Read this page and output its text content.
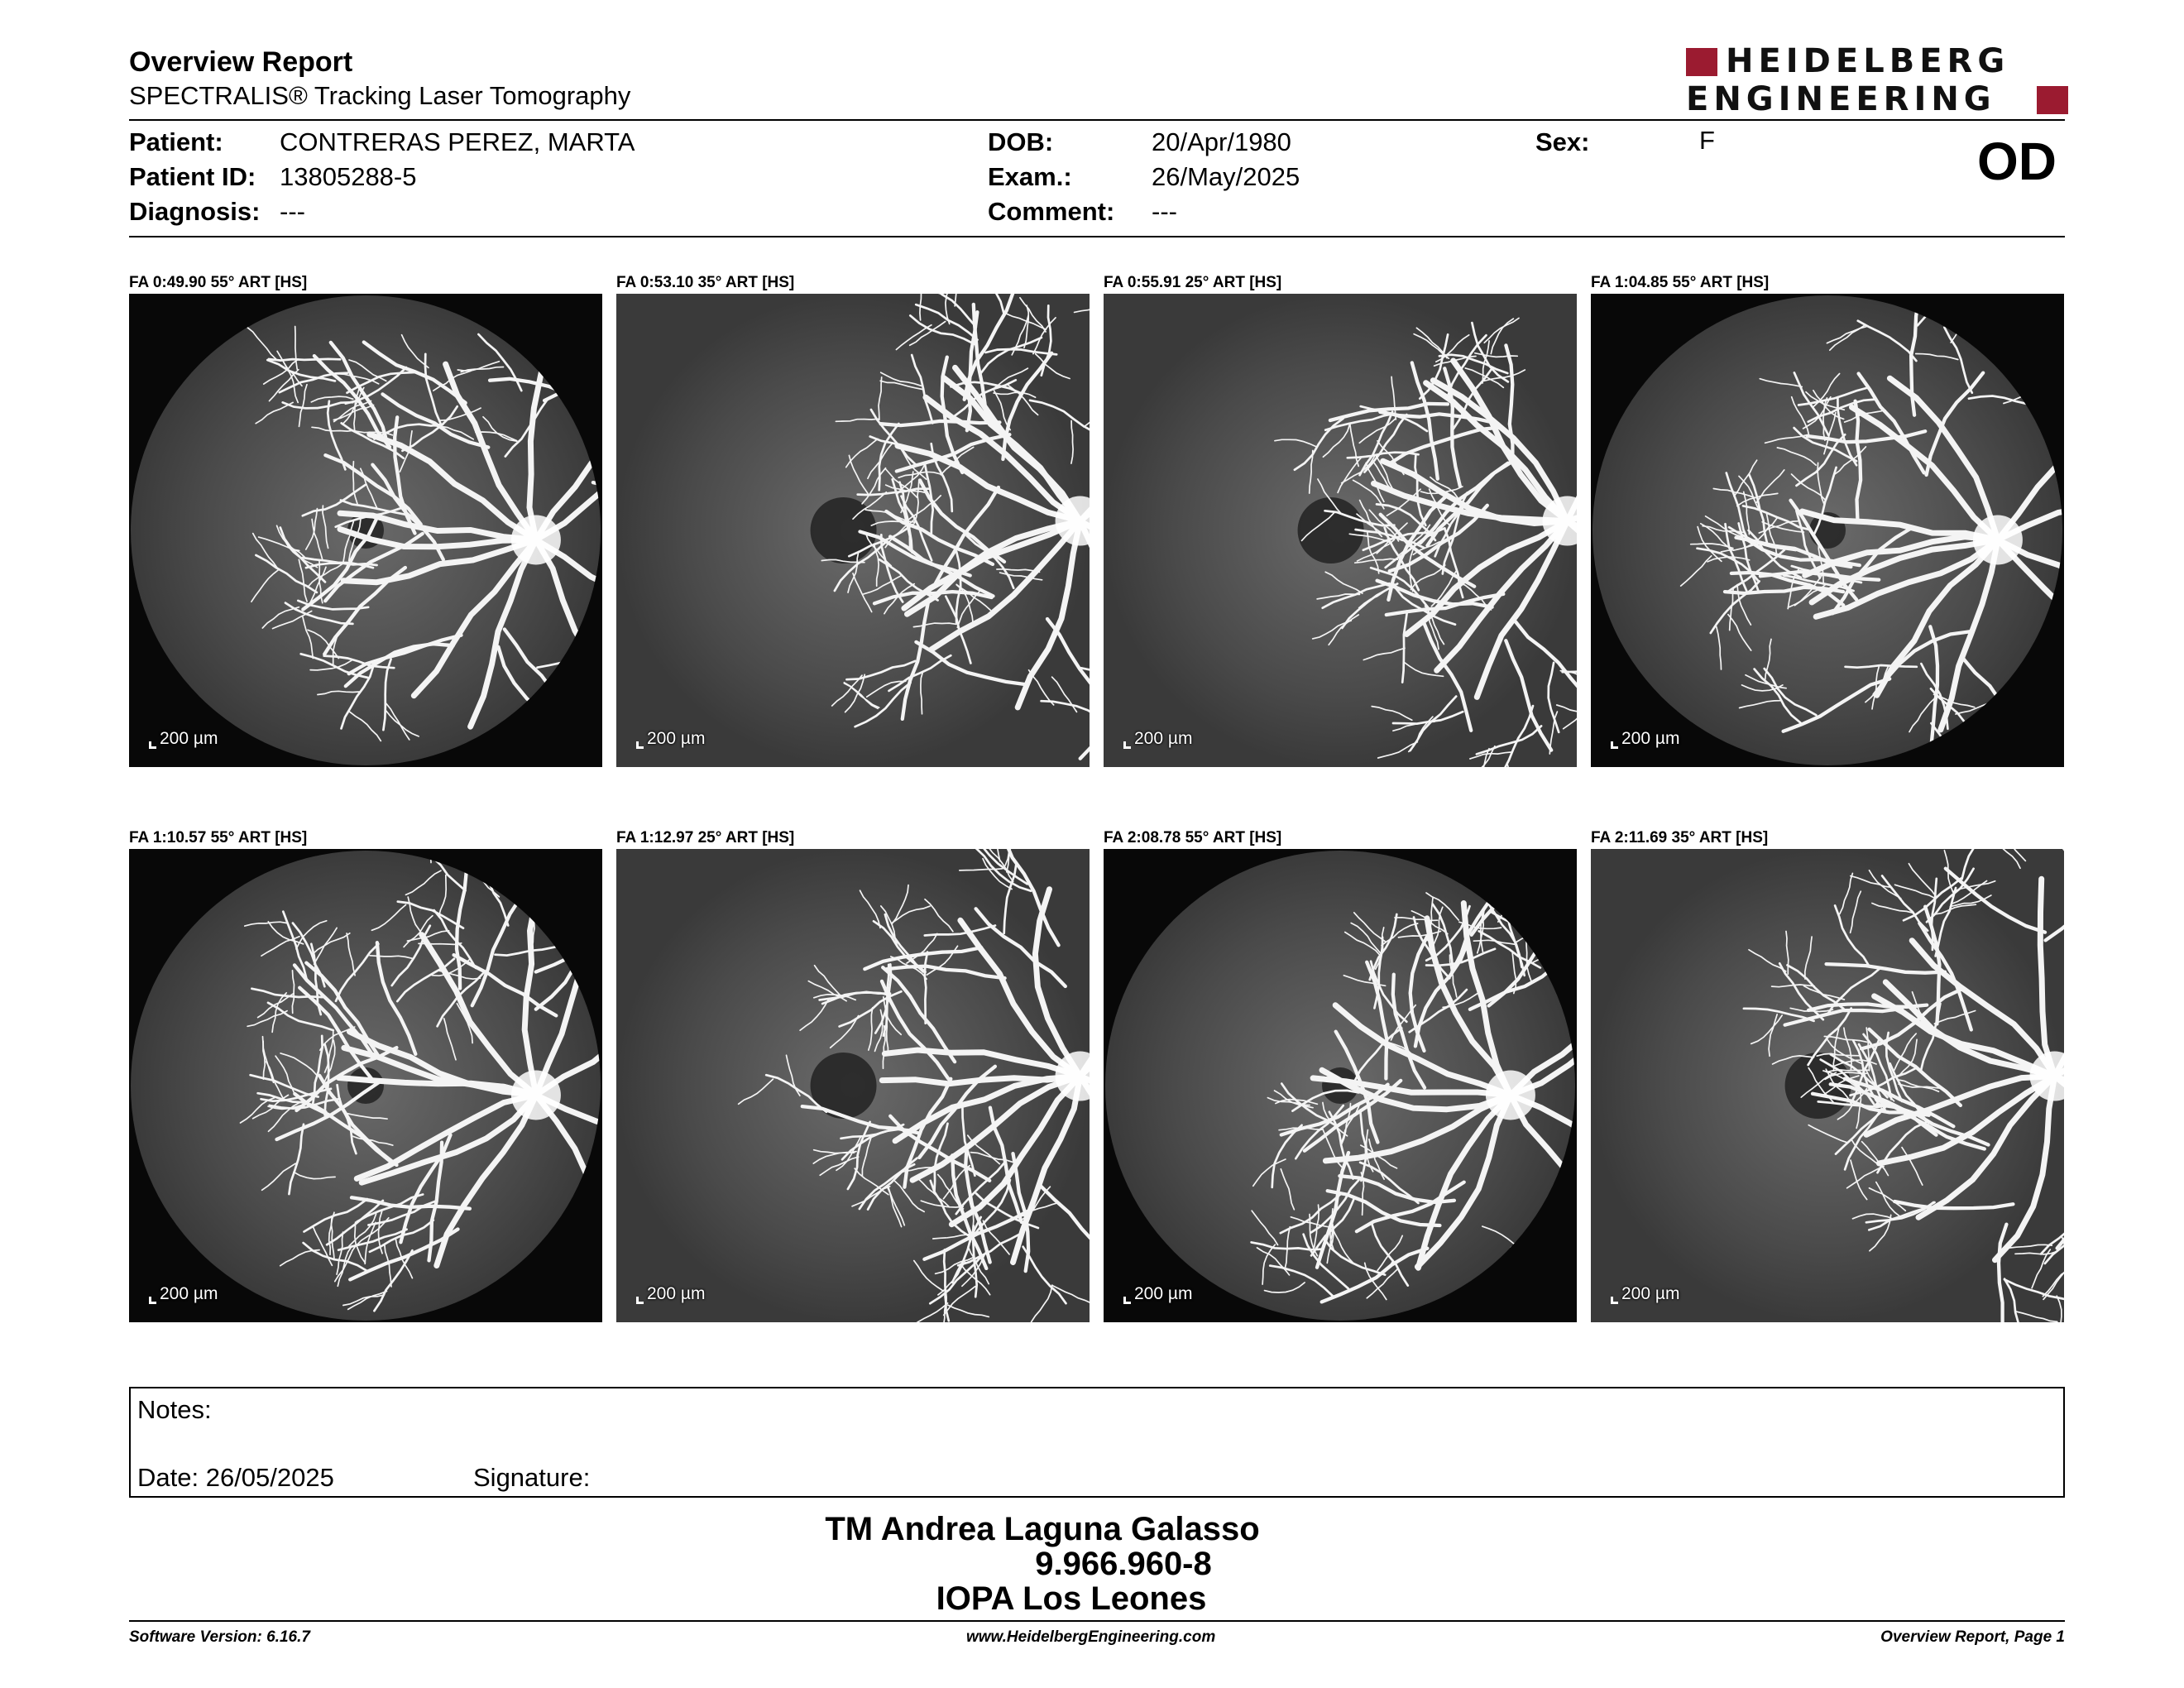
Overview Report
SPECTRALIS® Tracking Laser Tomography
HEIDELBERG
ENGINEERING
Patient: CONTRERAS PEREZ, MARTA
Patient ID: 13805288-5
Diagnosis: ---
DOB:	20/Apr/1980
Exam.:	26/May/2025
Comment: ---
Sex:	F	OD
FA 0:49.90 55° ART [HS]
200 µm
FA 0:53.10 35° ART [HS]
200 µm
FA 0:55.91 25° ART [HS]
200 µm
FA 1:04.85 55° ART [HS]
200 µm
FA 1:10.57 55° ART [HS]
200 µm
FA 1:12.97 25° ART [HS]
200 µm
FA 2:08.78 55° ART [HS]
200 µm
FA 2:11.69 35° ART [HS]
200 µm
Notes:
Date: 26/05/2025	Signature:
TM Andrea Laguna Galasso
9.966.960-8
IOPA Los Leones
Software Version: 6.16.7	www.HeidelbergEngineering.com	Overview Report, Page 1
